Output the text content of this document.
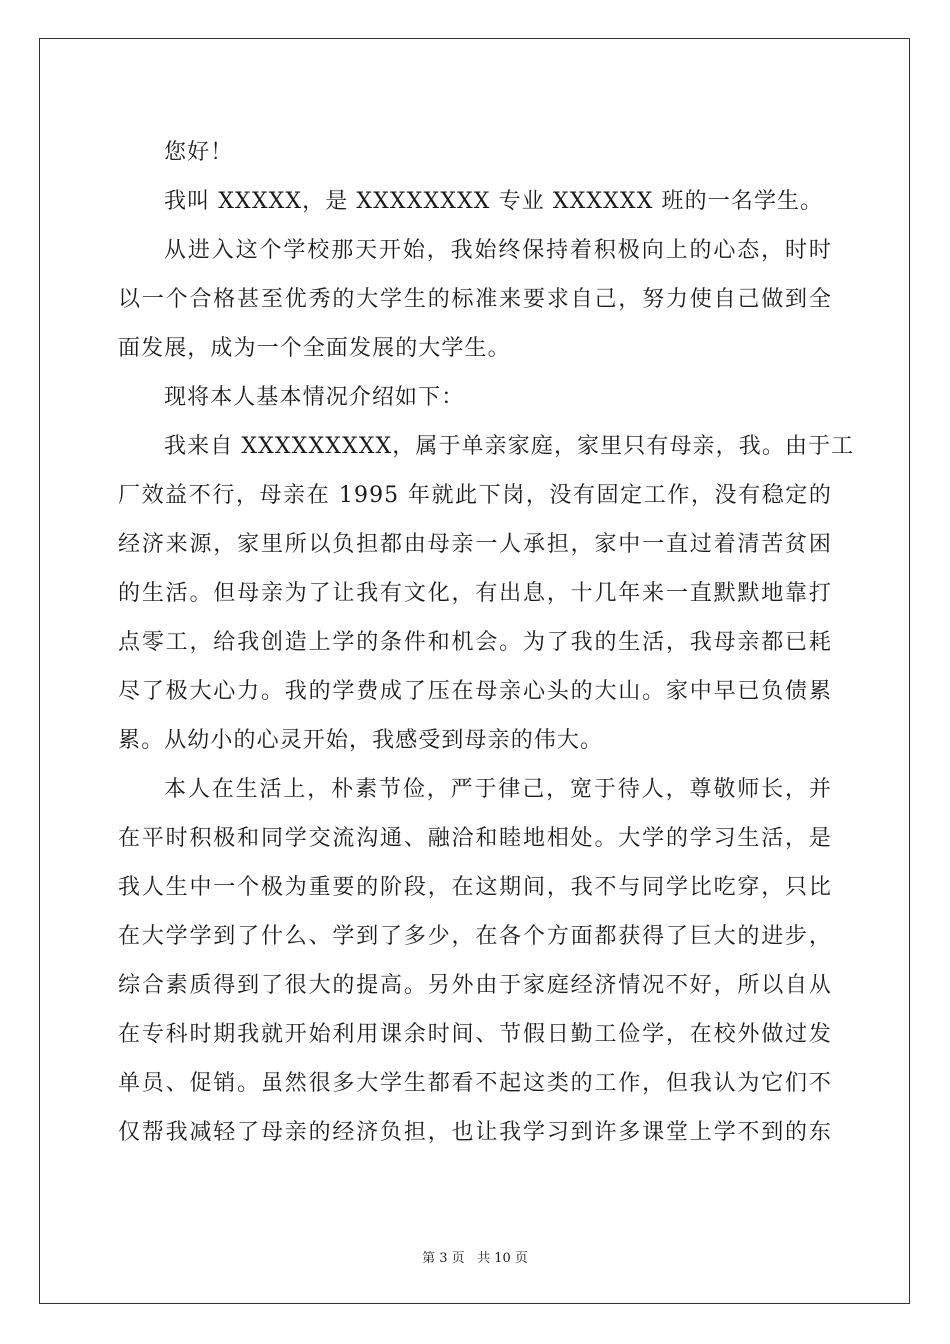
您好！
我叫 XXXXX，是 XXXXXXXX 专业 XXXXXX 班的一名学生。
从进入这个学校那天开始，我始终保持着积极向上的心态，时时
以一个合格甚至优秀的大学生的标准来要求自己，努力使自己做到全
面发展，成为一个全面发展的大学生。
现将本人基本情况介绍如下：
我来自 XXXXXXXXX，属于单亲家庭，家里只有母亲，我。由于工
厂效益不行，母亲在 1995 年就此下岗，没有固定工作，没有稳定的
经济来源，家里所以负担都由母亲一人承担，家中一直过着清苦贫困
的生活。但母亲为了让我有文化，有出息，十几年来一直默默地靠打
点零工，给我创造上学的条件和机会。为了我的生活，我母亲都已耗
尽了极大心力。我的学费成了压在母亲心头的大山。家中早已负债累
累。从幼小的心灵开始，我感受到母亲的伟大。
本人在生活上，朴素节俭，严于律己，宽于待人，尊敬师长，并
在平时积极和同学交流沟通、融洽和睦地相处。大学的学习生活，是
我人生中一个极为重要的阶段，在这期间，我不与同学比吃穿，只比
在大学学到了什么、学到了多少，在各个方面都获得了巨大的进步，
综合素质得到了很大的提高。另外由于家庭经济情况不好，所以自从
在专科时期我就开始利用课余时间、节假日勤工俭学，在校外做过发
单员、促销。虽然很多大学生都看不起这类的工作，但我认为它们不
仅帮我减轻了母亲的经济负担，也让我学习到许多课堂上学不到的东
第 3 页 共 10 页
